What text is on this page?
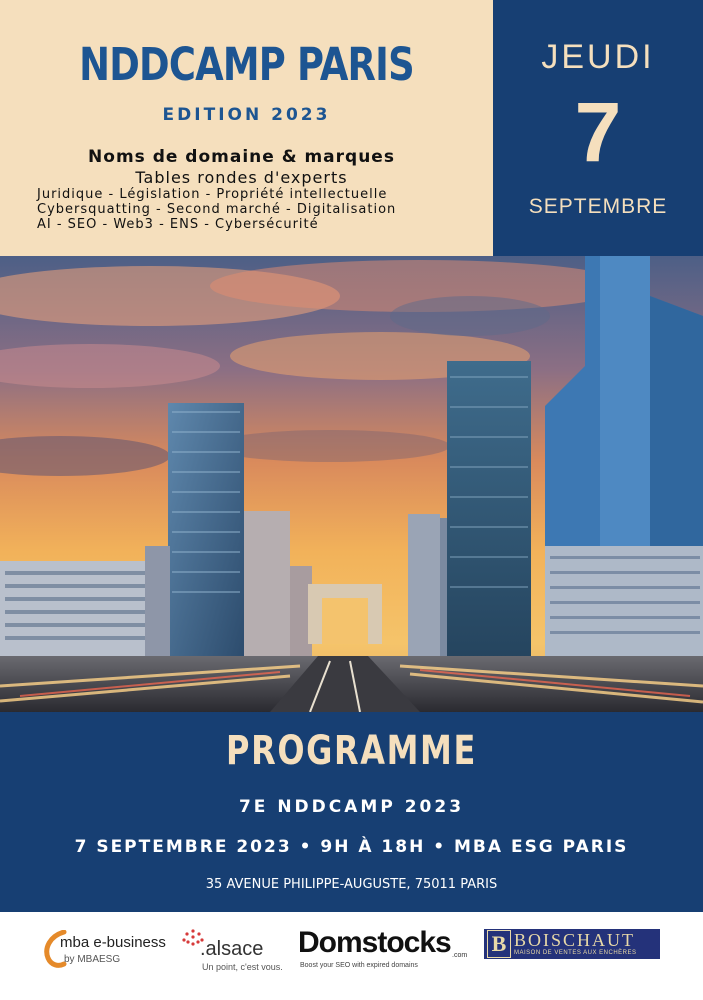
NDDCAMP PARIS
EDITION 2023
Noms de domaine & marques
Tables rondes d'experts
Juridique - Législation - Propriété intellectuelle
Cybersquatting - Second marché - Digitalisation
AI - SEO - Web3 - ENS - Cybersécurité
JEUDI
7
SEPTEMBRE
PROGRAMME
7E NDDCAMP 2023
7 SEPTEMBRE 2023 • 9H À 18H • MBA ESG PARIS
35 AVENUE PHILIPPE-AUGUSTE, 75011 PARIS
mba e-business
by MBAESG	.alsace
Un point, c'est vous.
Domstocks .com
Boost your SEO with expired domains
B BOISCHAUT
MAISON DE VENTES AUX ENCHÈRES
